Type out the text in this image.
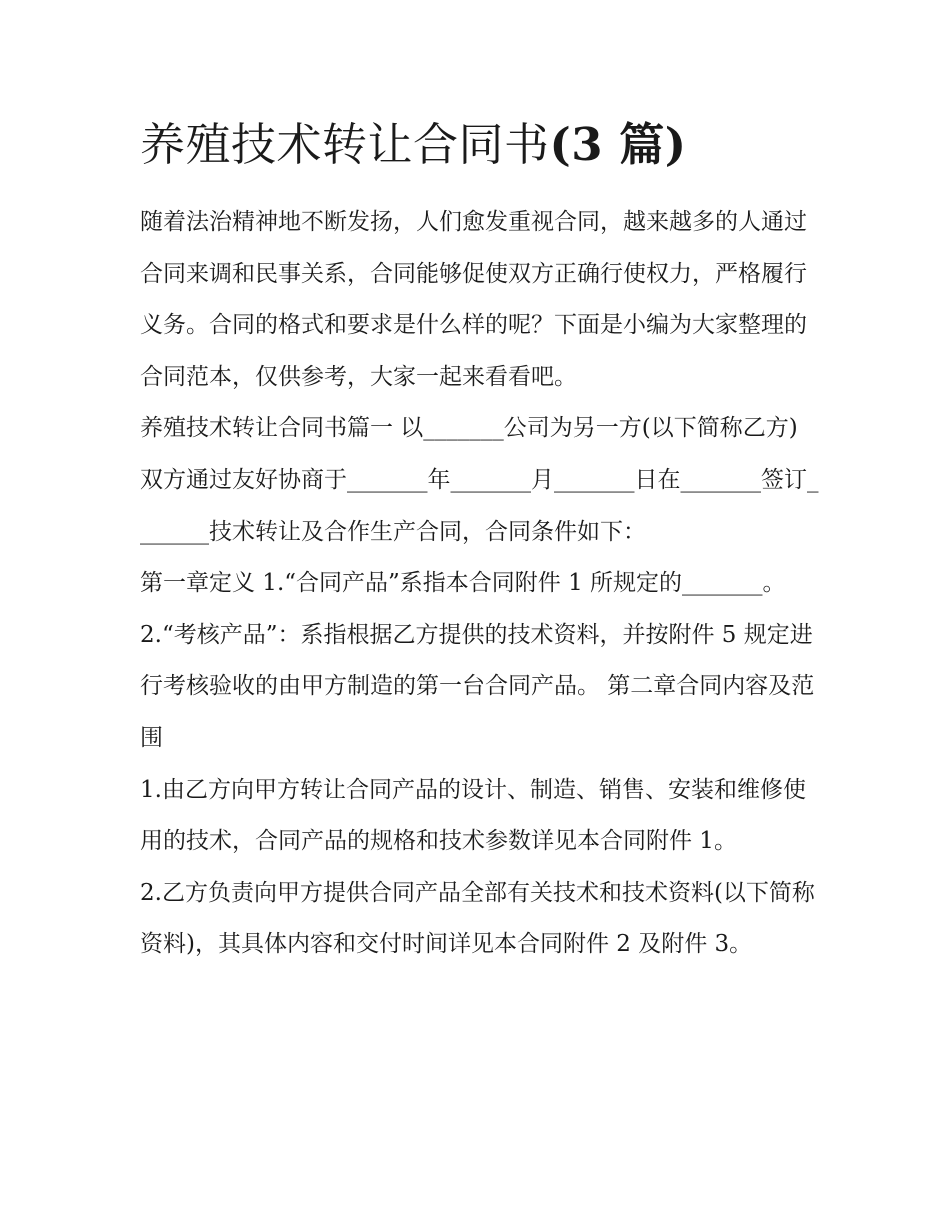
养殖技术转让合同书(3 篇)

随着法治精神地不断发扬，人们愈发重视合同，越来越多的人通过合同来调和民事关系，合同能够促使双方正确行使权力，严格履行义务。合同的格式和要求是什么样的呢？下面是小编为大家整理的合同范本，仅供参考，大家一起来看看吧。

养殖技术转让合同书篇一 以_______公司为另一方(以下简称乙方)

双方通过友好协商于_______年_______月_______日在_______签订_______技术转让及合作生产合同，合同条件如下：

第一章定义 1.“合同产品”系指本合同附件 1 所规定的_______。

2.“考核产品”：系指根据乙方提供的技术资料，并按附件 5 规定进行考核验收的由甲方制造的第一台合同产品。 第二章合同内容及范围

1.由乙方向甲方转让合同产品的设计、制造、销售、安装和维修使用的技术，合同产品的规格和技术参数详见本合同附件 1。

2.乙方负责向甲方提供合同产品全部有关技术和技术资料(以下简称资料)，其具体内容和交付时间详见本合同附件 2 及附件 3。
